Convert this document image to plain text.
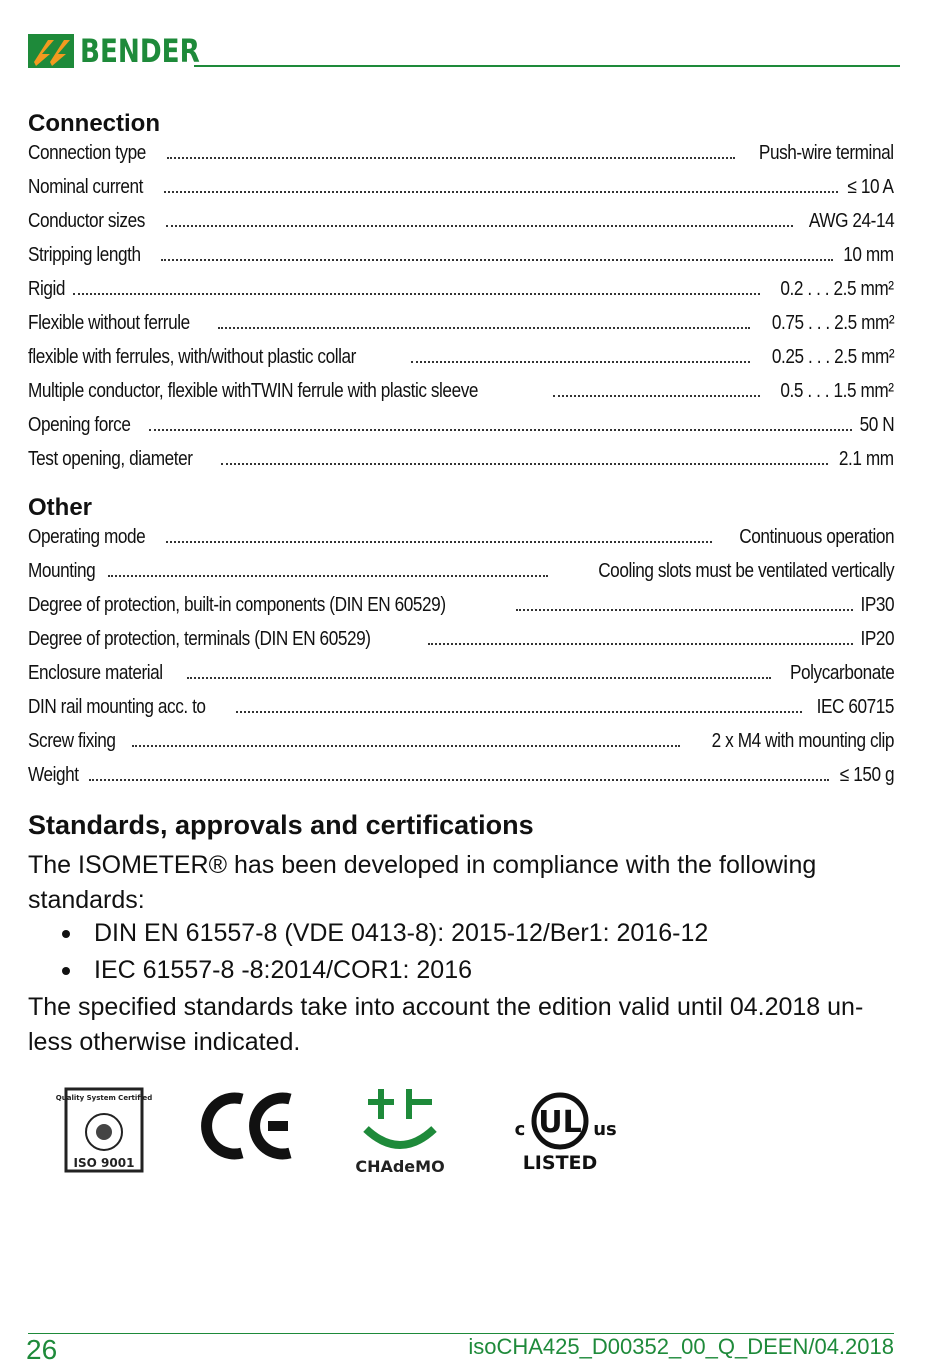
BENDER
Connection
Connection type	Push-wire terminal
Nominal current	≤ 10 A
Conductor sizes	AWG 24-14
Stripping length	10 mm
Rigid	0.2 . . . 2.5 mm²
Flexible without ferrule	0.75 . . . 2.5 mm²
flexible with ferrules, with/without plastic collar	0.25 . . . 2.5 mm²
Multiple conductor, flexible withTWIN ferrule with plastic sleeve	0.5 . . . 1.5 mm²
Opening force	50 N
Test opening, diameter	2.1 mm
Other
Operating mode	Continuous operation
Mounting	Cooling slots must be ventilated vertically
Degree of protection, built-in components (DIN EN 60529)	IP30
Degree of protection, terminals (DIN EN 60529)	IP20
Enclosure material	Polycarbonate
DIN rail mounting acc. to	IEC 60715
Screw fixing	2 x M4 with mounting clip
Weight	≤ 150 g
Standards, approvals and certifications
The ISOMETER® has been developed in compliance with the following standards:
DIN EN 61557-8 (VDE 0413-8): 2015-12/Ber1: 2016-12
IEC 61557-8 -8:2014/COR1: 2016
The specified standards take into account the edition valid until 04.2018 un-less otherwise indicated.
Quality System Certified
ISO 9001	CHAdeMO
UL
c	us
LISTED
26	isoCHA425_D00352_00_Q_DEEN/04.2018
